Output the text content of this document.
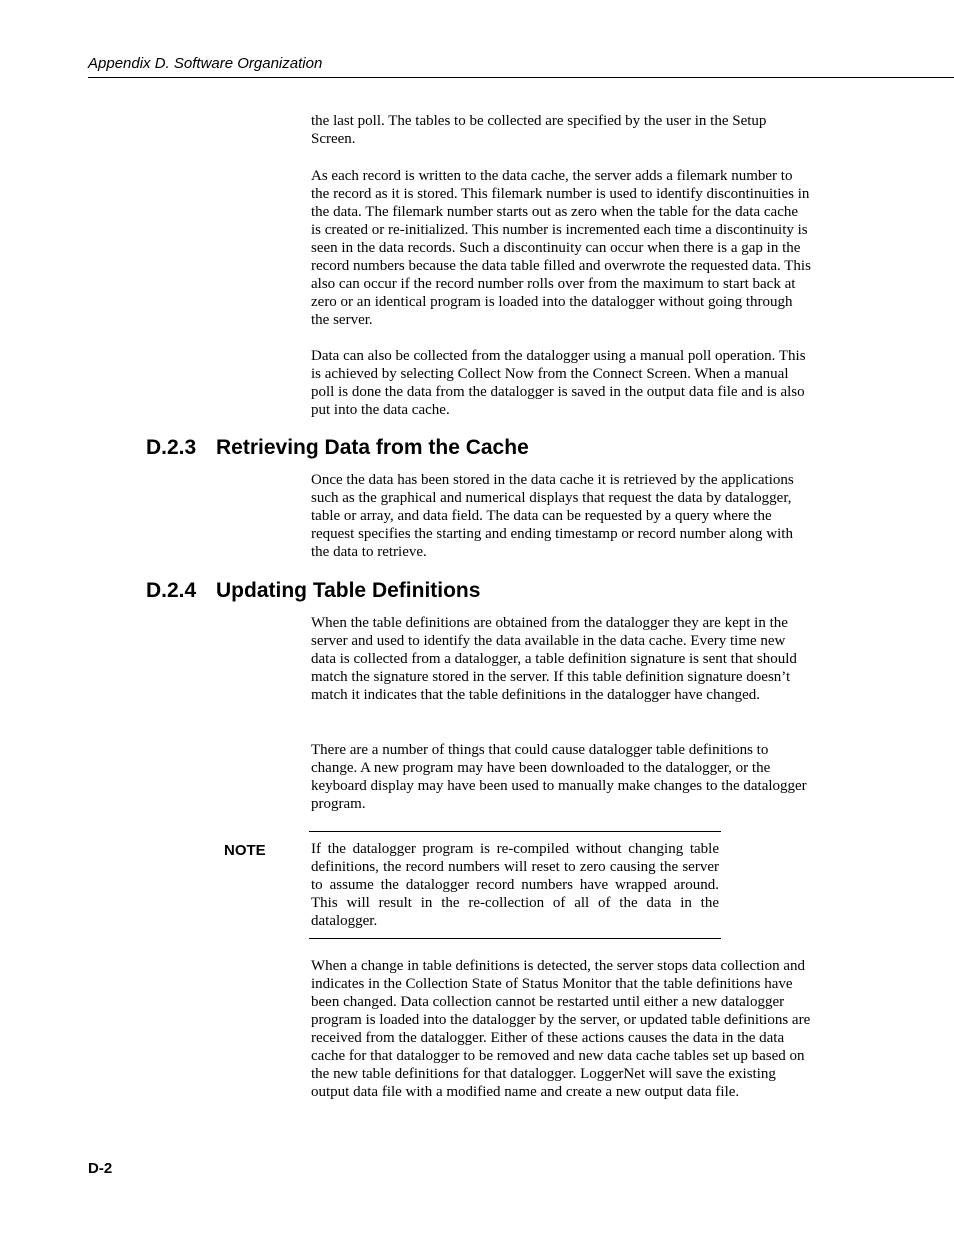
Appendix D. Software Organization

the last poll. The tables to be collected are specified by the user in the Setup Screen.

As each record is written to the data cache, the server adds a filemark number to the record as it is stored. This filemark number is used to identify discontinuities in the data. The filemark number starts out as zero when the table for the data cache is created or re-initialized. This number is incremented each time a discontinuity is seen in the data records. Such a discontinuity can occur when there is a gap in the record numbers because the data table filled and overwrote the requested data. This also can occur if the record number rolls over from the maximum to start back at zero or an identical program is loaded into the datalogger without going through the server.

Data can also be collected from the datalogger using a manual poll operation. This is achieved by selecting Collect Now from the Connect Screen. When a manual poll is done the data from the datalogger is saved in the output data file and is also put into the data cache.

D.2.3 Retrieving Data from the Cache

Once the data has been stored in the data cache it is retrieved by the applications such as the graphical and numerical displays that request the data by datalogger, table or array, and data field. The data can be requested by a query where the request specifies the starting and ending timestamp or record number along with the data to retrieve.

D.2.4 Updating Table Definitions

When the table definitions are obtained from the datalogger they are kept in the server and used to identify the data available in the data cache. Every time new data is collected from a datalogger, a table definition signature is sent that should match the signature stored in the server. If this table definition signature doesn’t match it indicates that the table definitions in the datalogger have changed.

There are a number of things that could cause datalogger table definitions to change. A new program may have been downloaded to the datalogger, or the keyboard display may have been used to manually make changes to the datalogger program.

NOTE	If the datalogger program is re-compiled without changing table definitions, the record numbers will reset to zero causing the server to assume the datalogger record numbers have wrapped around. This will result in the re-collection of all of the data in the datalogger.

When a change in table definitions is detected, the server stops data collection and indicates in the Collection State of Status Monitor that the table definitions have been changed. Data collection cannot be restarted until either a new datalogger program is loaded into the datalogger by the server, or updated table definitions are received from the datalogger. Either of these actions causes the data in the data cache for that datalogger to be removed and new data cache tables set up based on the new table definitions for that datalogger. LoggerNet will save the existing output data file with a modified name and create a new output data file.

D-2
